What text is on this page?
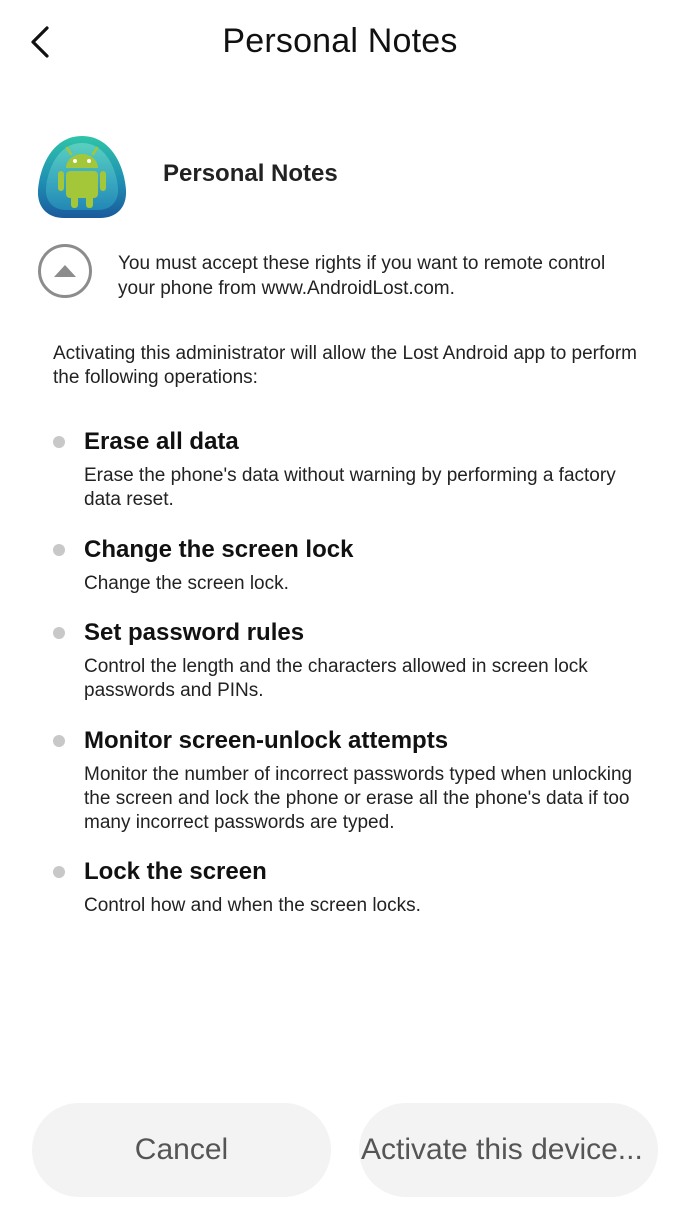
Personal Notes
Personal Notes
You must accept these rights if you want to remote control your phone from www.AndroidLost.com.
Activating this administrator will allow the Lost Android app to perform the following operations:
Erase all data
Erase the phone's data without warning by performing a factory data reset.
Change the screen lock
Change the screen lock.
Set password rules
Control the length and the characters allowed in screen lock passwords and PINs.
Monitor screen-unlock attempts
Monitor the number of incorrect passwords typed when unlocking the screen and lock the phone or erase all the phone's data if too many incorrect passwords are typed.
Lock the screen
Control how and when the screen locks.
Cancel	Activate this device...
